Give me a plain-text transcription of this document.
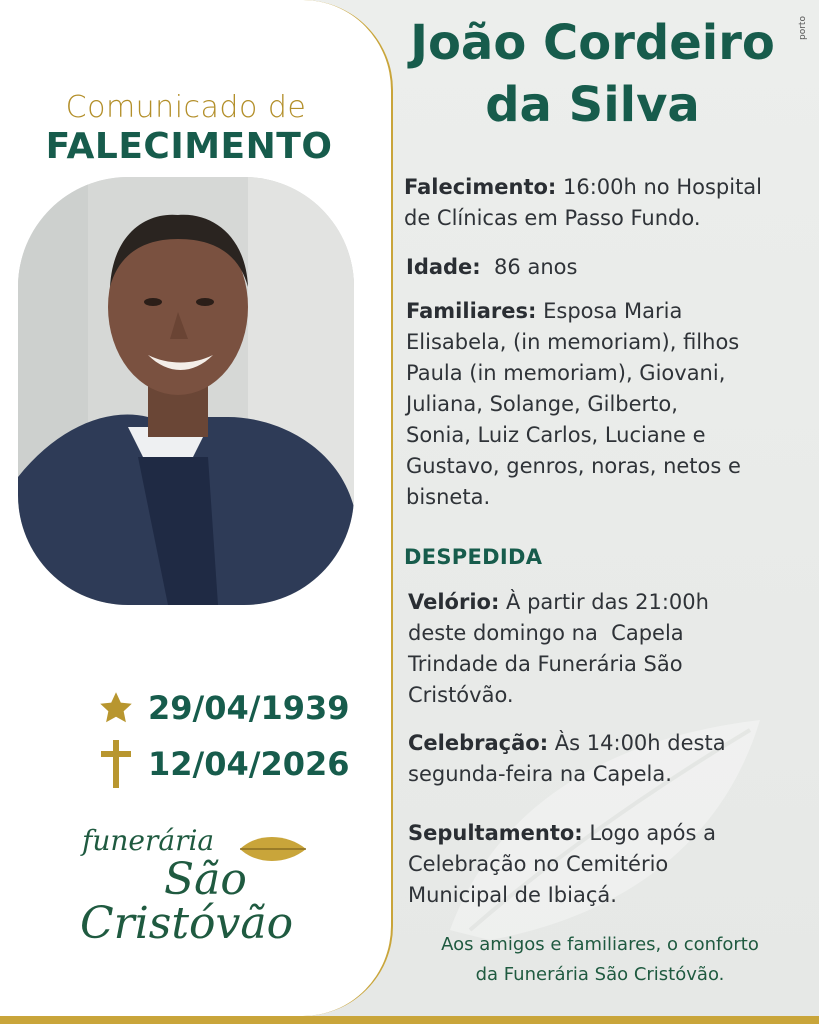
porto
Comunicado de
FALECIMENTO
29/04/1939
12/04/2026
funerária
São
Cristóvão
João Cordeiro
da Silva
Falecimento: 16:00h no Hospital
de Clínicas em Passo Fundo.
Idade:  86 anos
Familiares: Esposa Maria
Elisabela, (in memoriam), filhos
Paula (in memoriam), Giovani,
Juliana, Solange, Gilberto,
Sonia, Luiz Carlos, Luciane e
Gustavo, genros, noras, netos e
bisneta.
DESPEDIDA
Velório: À partir das 21:00h
deste domingo na  Capela
Trindade da Funerária São
Cristóvão.
Celebração: Às 14:00h desta
segunda-feira na Capela.
Sepultamento: Logo após a
Celebração no Cemitério
Municipal de Ibiaçá.
Aos amigos e familiares, o conforto
da Funerária São Cristóvão.
